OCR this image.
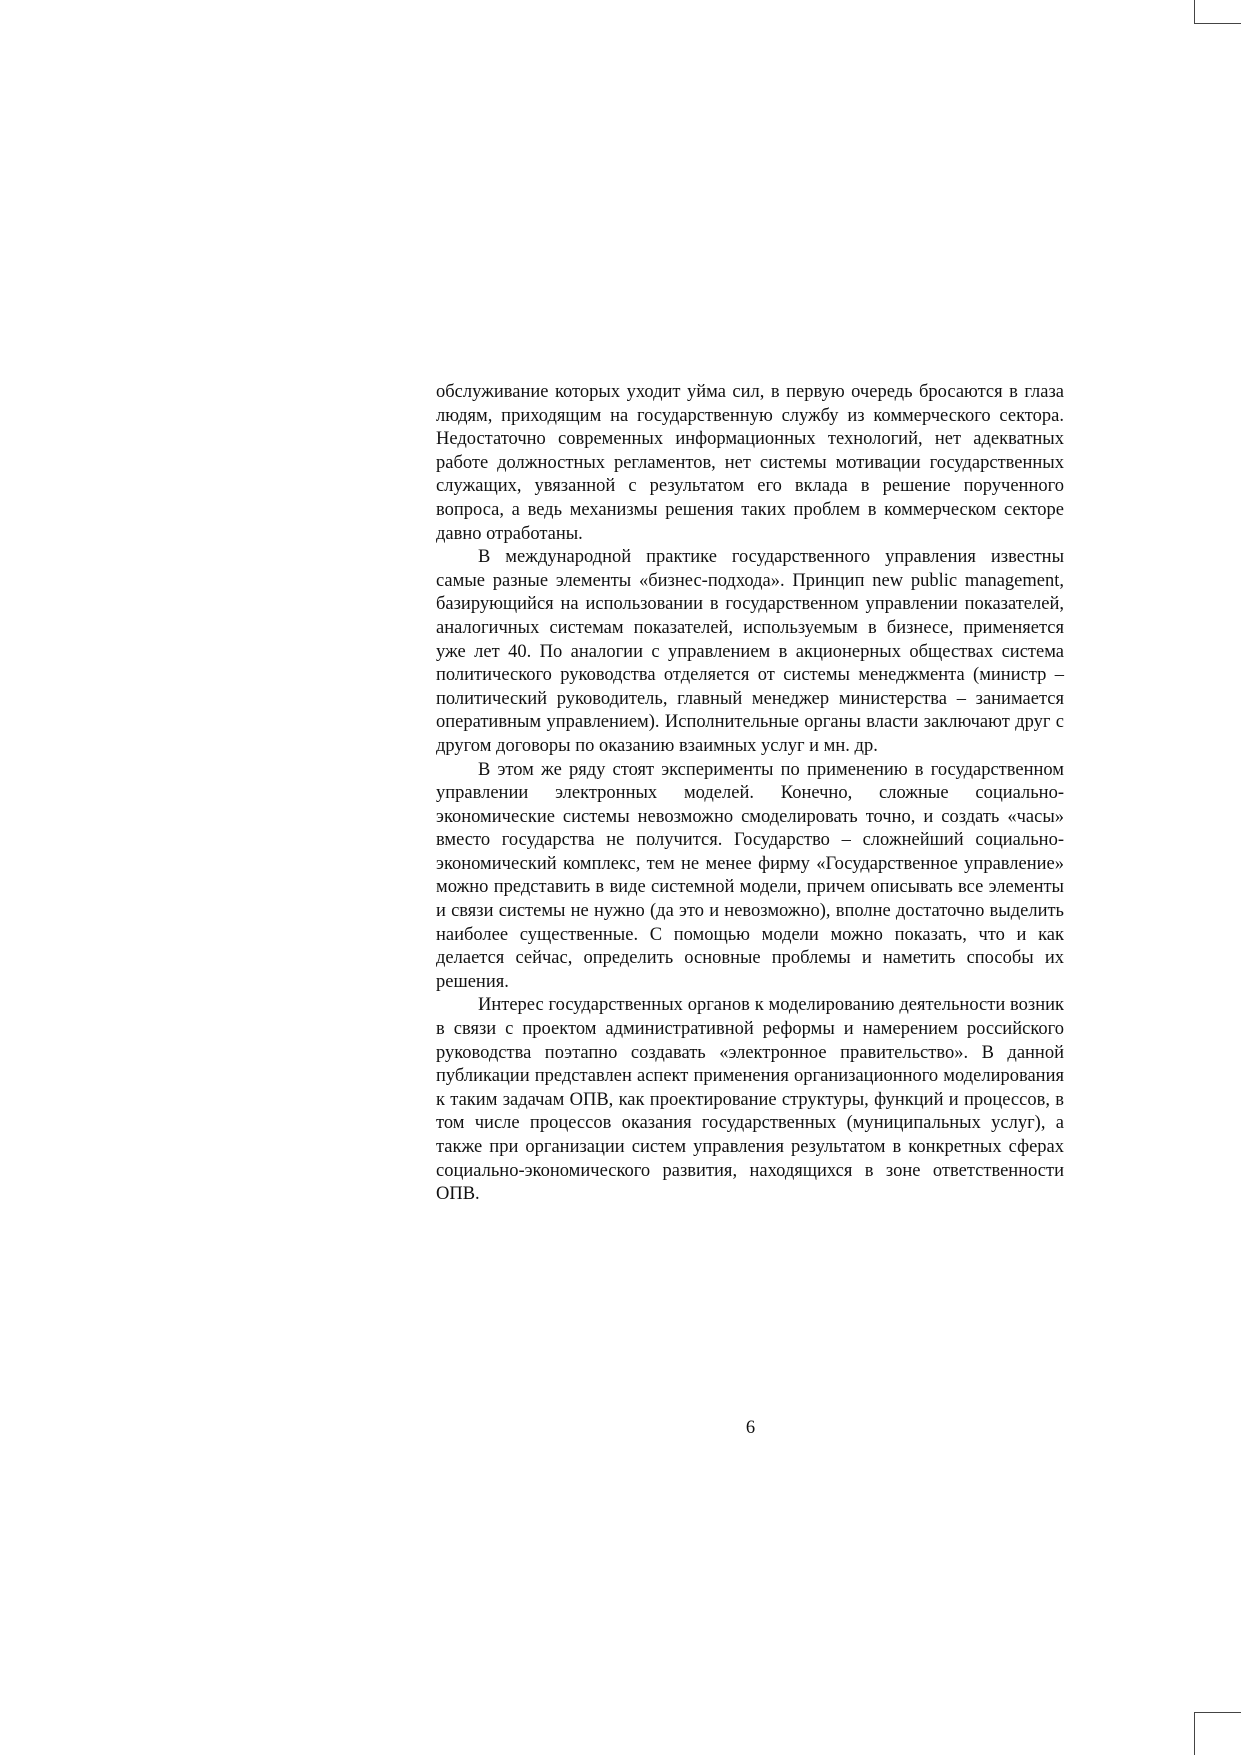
обслуживание которых уходит уйма сил, в первую очередь бросаются в глаза людям, приходящим на государственную службу из коммерческого сектора. Недостаточно современных информационных технологий, нет адекватных работе должностных регламентов, нет системы мотивации государственных служащих, увязанной с результатом его вклада в решение порученного вопроса, а ведь механизмы решения таких проблем в коммерческом секторе давно отработаны.

В международной практике государственного управления известны самые разные элементы «бизнес-подхода». Принцип new public management, базирующийся на использовании в государственном управлении показателей, аналогичных системам показателей, используемым в бизнесе, применяется уже лет 40. По аналогии с управлением в акционерных обществах система политического руководства отделяется от системы менеджмента (министр – политический руководитель, главный менеджер министерства – занимается оперативным управлением). Исполнительные органы власти заключают друг с другом договоры по оказанию взаимных услуг и мн. др.

В этом же ряду стоят эксперименты по применению в государственном управлении электронных моделей. Конечно, сложные социально-экономические системы невозможно смоделировать точно, и создать «часы» вместо государства не получится. Государство – сложнейший социально-экономический комплекс, тем не менее фирму «Государственное управление» можно представить в виде системной модели, причем описывать все элементы и связи системы не нужно (да это и невозможно), вполне достаточно выделить наиболее существенные. С помощью модели можно показать, что и как делается сейчас, определить основные проблемы и наметить способы их решения.

Интерес государственных органов к моделированию деятельности возник в связи с проектом административной реформы и намерением российского руководства поэтапно создавать «электронное правительство». В данной публикации представлен аспект применения организационного моделирования к таким задачам ОПВ, как проектирование структуры, функций и процессов, в том числе процессов оказания государственных (муниципальных услуг), а также при организации систем управления результатом в конкретных сферах социально-экономического развития, находящихся в зоне ответственности ОПВ.

6
